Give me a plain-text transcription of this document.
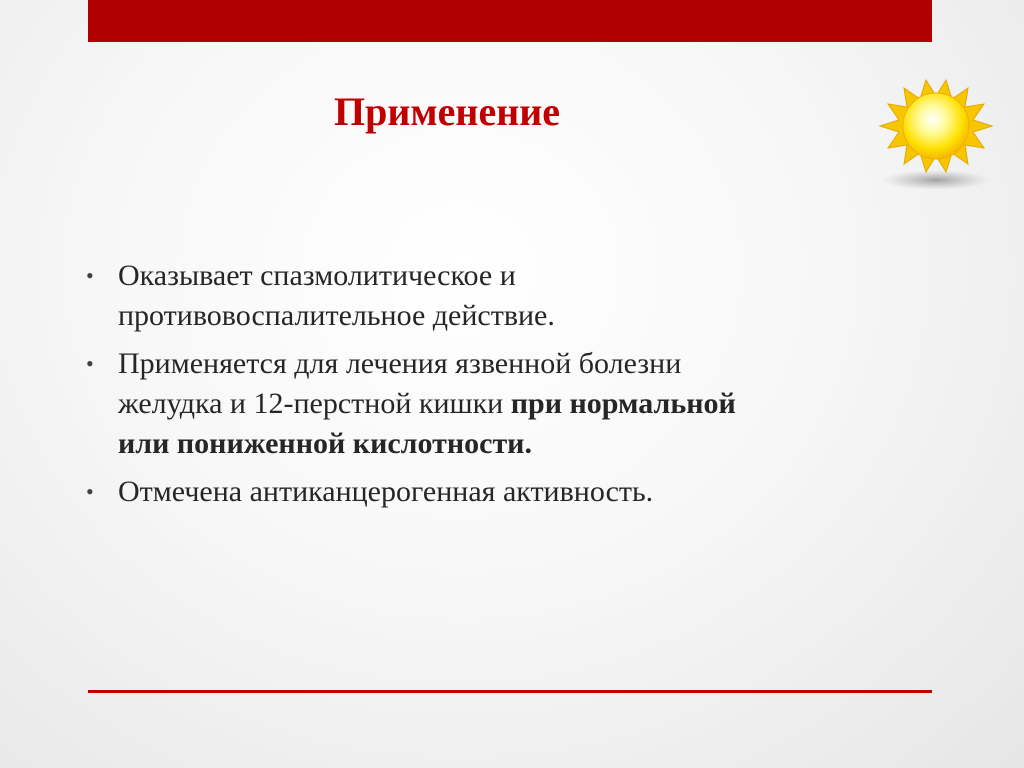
Применение
• Оказывает спазмолитическое и противовоспалительное действие.
• Применяется для лечения язвенной болезни желудка и 12-перстной кишки при нормальной или пониженной кислотности.
• Отмечена антиканцерогенная активность.
